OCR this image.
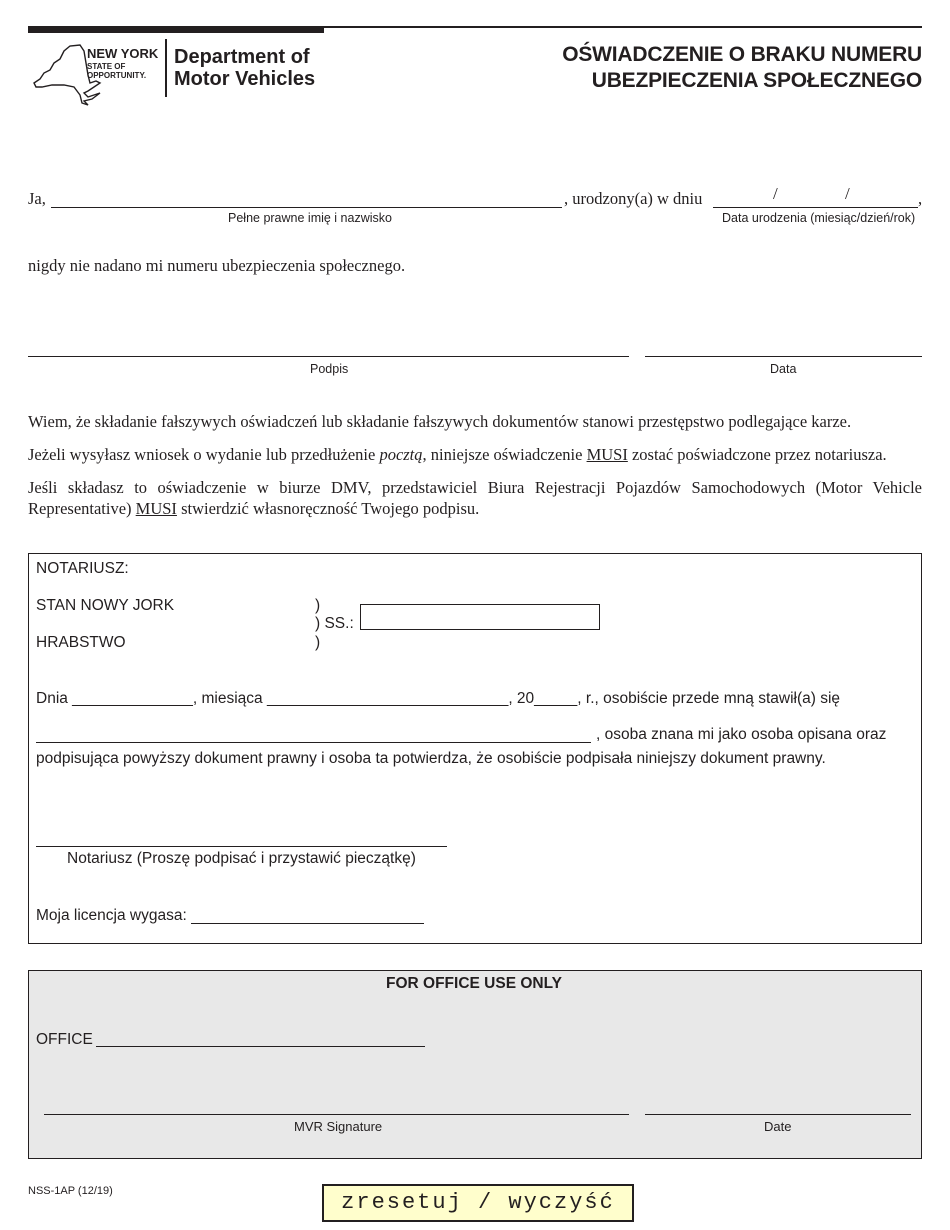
NEW YORK
STATE OF
OPPORTUNITY.
Department of
Motor Vehicles
OŚWIADCZENIE O BRAKU NUMERU
UBEZPIECZENIA SPOŁECZNEGO
Ja,	, urodzony(a) w dniu	/	/	,
Pełne prawne imię i nazwisko	Data urodzenia (miesiąc/dzień/rok)
nigdy nie nadano mi numeru ubezpieczenia społecznego.
Podpis	Data
Wiem, że składanie fałszywych oświadczeń lub składanie fałszywych dokumentów stanowi przestępstwo podlegające karze.
Jeżeli wysyłasz wniosek o wydanie lub przedłużenie pocztą, niniejsze oświadczenie MUSI zostać poświadczone przez notariusza.
Jeśli składasz to oświadczenie w biurze DMV, przedstawiciel Biura Rejestracji Pojazdów Samochodowych (Motor Vehicle Representative) MUSI stwierdzić własnoręczność Twojego podpisu.
NOTARIUSZ:
STAN NOWY JORK
HRABSTWO
)
) SS.:
)
Dnia ______________, miesiąca ____________________________, 20_____, r., osobiście przede mną stawił(a) się
, osoba znana mi jako osoba opisana oraz
podpisująca powyższy dokument prawny i osoba ta potwierdza, że osobiście podpisała niniejszy dokument prawny.
Notariusz (Proszę podpisać i przystawić pieczątkę)
Moja licencja wygasa:
FOR OFFICE USE ONLY
OFFICE
MVR Signature	Date
NSS-1AP (12/19)	zresetuj / wyczyść
